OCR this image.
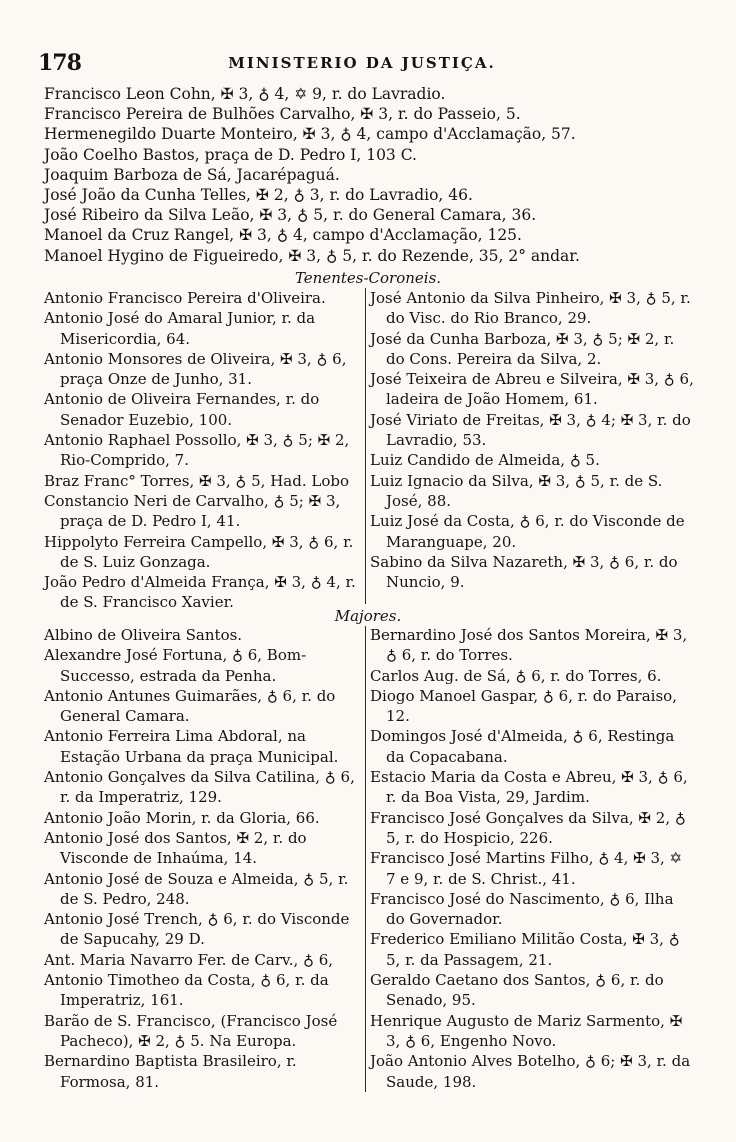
178	MINISTERIO DA JUSTIÇA.
Francisco Leon Cohn, ✠ 3, ♁ 4, ✡ 9, r. do Lavradio.
Francisco Pereira de Bulhões Carvalho, ✠ 3, r. do Passeio, 5.
Hermenegildo Duarte Monteiro, ✠ 3, ♁ 4, campo d'Acclamação, 57.
João Coelho Bastos, praça de D. Pedro I, 103 C.
Joaquim Barboza de Sá, Jacarépaguá.
José João da Cunha Telles, ✠ 2, ♁ 3, r. do Lavradio, 46.
José Ribeiro da Silva Leão, ✠ 3, ♁ 5, r. do General Camara, 36.
Manoel da Cruz Rangel, ✠ 3, ♁ 4, campo d'Acclamação, 125.
Manoel Hygino de Figueiredo, ✠ 3, ♁ 5, r. do Rezende, 35, 2° andar.
Tenentes-Coroneis.
Antonio Francisco Pereira d'Oliveira.
Antonio José do Amaral Junior, r. da Misericordia, 64.
Antonio Monsores de Oliveira, ✠ 3, ♁ 6, praça Onze de Junho, 31.
Antonio de Oliveira Fernandes, r. do Senador Euzebio, 100.
Antonio Raphael Possollo, ✠ 3, ♁ 5; ✠ 2, Rio-Comprido, 7.
Braz Franc° Torres, ✠ 3, ♁ 5, Had. Lobo
Constancio Neri de Carvalho, ♁ 5; ✠ 3, praça de D. Pedro I, 41.
Hippolyto Ferreira Campello, ✠ 3, ♁ 6, r. de S. Luiz Gonzaga.
João Pedro d'Almeida França, ✠ 3, ♁ 4, r. de S. Francisco Xavier.
José Antonio da Silva Pinheiro, ✠ 3, ♁ 5, r. do Visc. do Rio Branco, 29.
José da Cunha Barboza, ✠ 3, ♁ 5; ✠ 2, r. do Cons. Pereira da Silva, 2.
José Teixeira de Abreu e Silveira, ✠ 3, ♁ 6, ladeira de João Homem, 61.
José Viriato de Freitas, ✠ 3, ♁ 4; ✠ 3, r. do Lavradio, 53.
Luiz Candido de Almeida, ♁ 5.
Luiz Ignacio da Silva, ✠ 3, ♁ 5, r. de S. José, 88.
Luiz José da Costa, ♁ 6, r. do Visconde de Maranguape, 20.
Sabino da Silva Nazareth, ✠ 3, ♁ 6, r. do Nuncio, 9.
Majores.
Albino de Oliveira Santos.
Alexandre José Fortuna, ♁ 6, Bom-Successo, estrada da Penha.
Antonio Antunes Guimarães, ♁ 6, r. do General Camara.
Antonio Ferreira Lima Abdoral, na Estação Urbana da praça Municipal.
Antonio Gonçalves da Silva Catilina, ♁ 6, r. da Imperatriz, 129.
Antonio João Morin, r. da Gloria, 66.
Antonio José dos Santos, ✠ 2, r. do Visconde de Inhaúma, 14.
Antonio José de Souza e Almeida, ♁ 5, r. de S. Pedro, 248.
Antonio José Trench, ♁ 6, r. do Visconde de Sapucahy, 29 D.
Ant. Maria Navarro Fer. de Carv., ♁ 6,
Antonio Timotheo da Costa, ♁ 6, r. da Imperatriz, 161.
Barão de S. Francisco, (Francisco José Pacheco), ✠ 2, ♁ 5. Na Europa.
Bernardino Baptista Brasileiro, r. Formosa, 81.
Bernardino José dos Santos Moreira, ✠ 3, ♁ 6, r. do Torres.
Carlos Aug. de Sá, ♁ 6, r. do Torres, 6.
Diogo Manoel Gaspar, ♁ 6, r. do Paraiso, 12.
Domingos José d'Almeida, ♁ 6, Restinga da Copacabana.
Estacio Maria da Costa e Abreu, ✠ 3, ♁ 6, r. da Boa Vista, 29, Jardim.
Francisco José Gonçalves da Silva, ✠ 2, ♁ 5, r. do Hospicio, 226.
Francisco José Martins Filho, ♁ 4, ✠ 3, ✡ 7 e 9, r. de S. Christ., 41.
Francisco José do Nascimento, ♁ 6, Ilha do Governador.
Frederico Emiliano Militão Costa, ✠ 3, ♁ 5, r. da Passagem, 21.
Geraldo Caetano dos Santos, ♁ 6, r. do Senado, 95.
Henrique Augusto de Mariz Sarmento, ✠ 3, ♁ 6, Engenho Novo.
João Antonio Alves Botelho, ♁ 6; ✠ 3, r. da Saude, 198.
